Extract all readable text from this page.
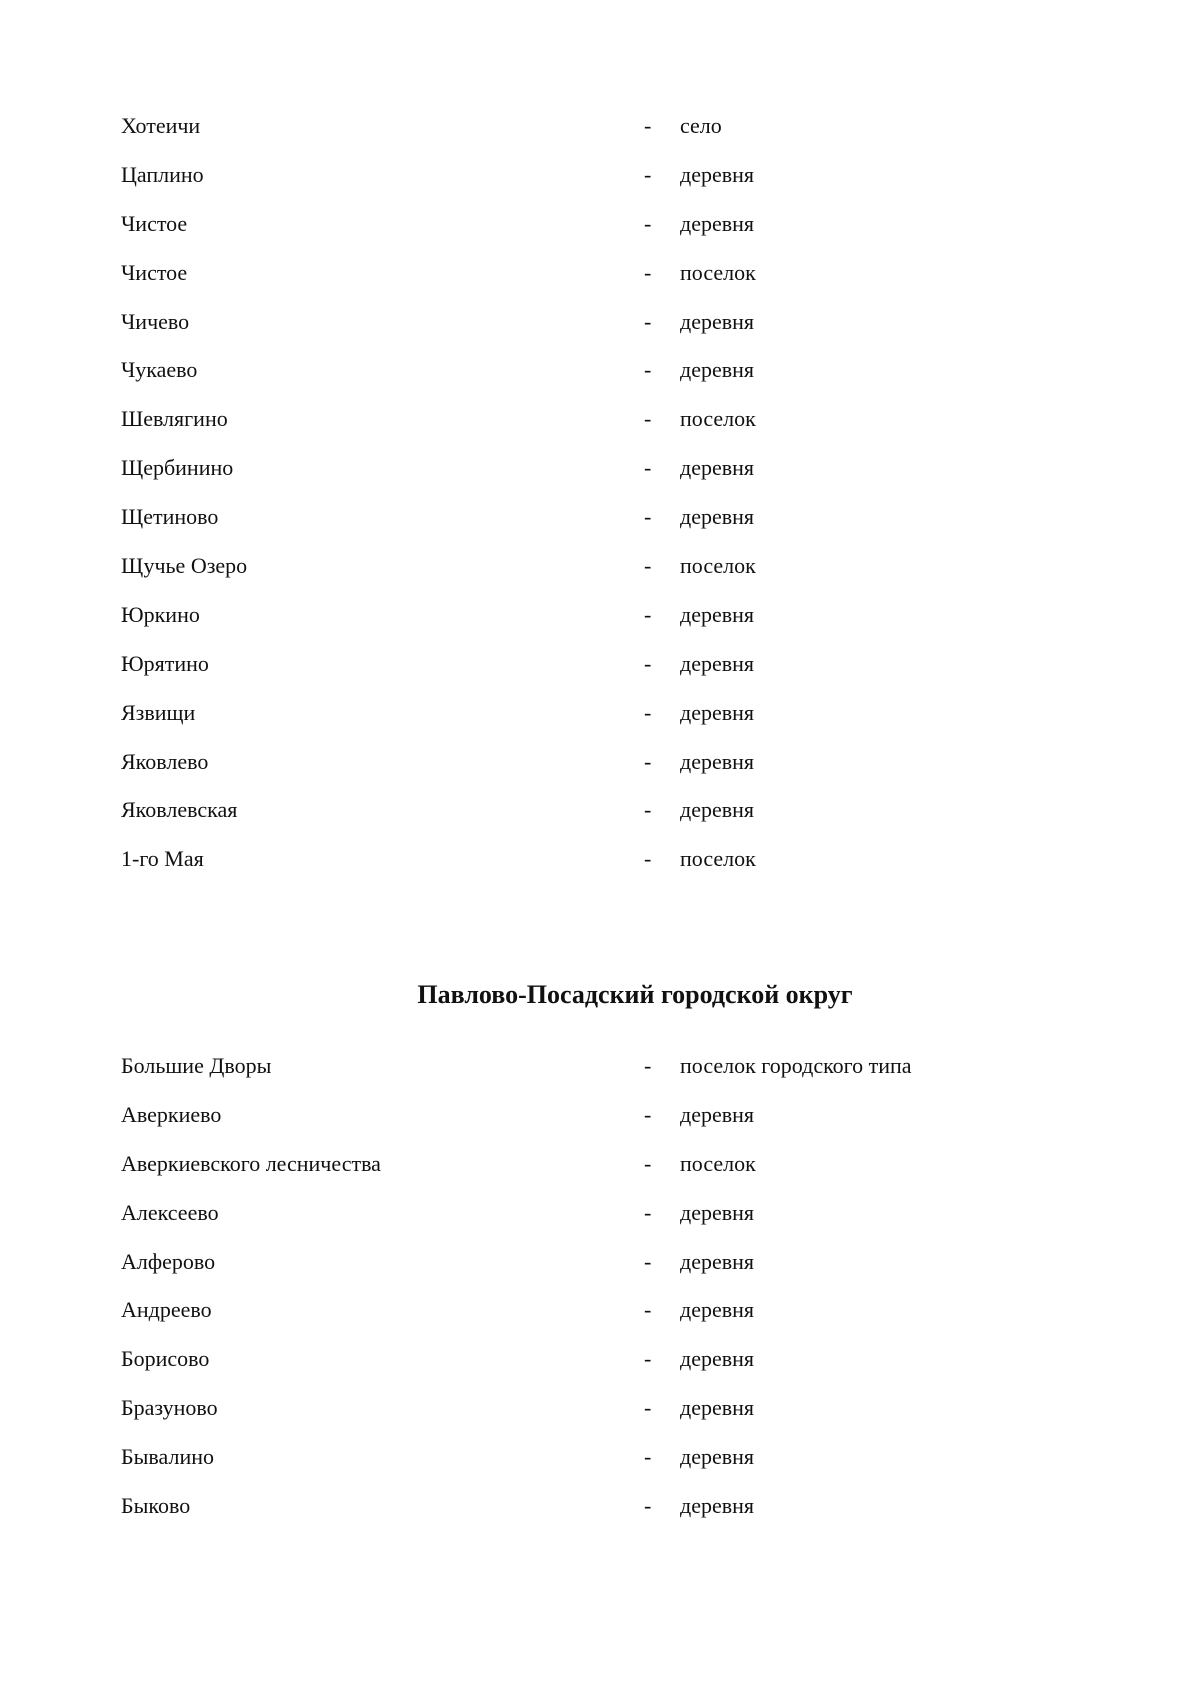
Хотеичи	- село
Цаплино	- деревня
Чистое	- деревня
Чистое	- поселок
Чичево	- деревня
Чукаево	- деревня
Шевлягино	- поселок
Щербинино	- деревня
Щетиново	- деревня
Щучье Озеро	- поселок
Юркино	- деревня
Юрятино	- деревня
Язвищи	- деревня
Яковлево	- деревня
Яковлевская	- деревня
1-го Мая	- поселок
Павлово-Посадский городской округ
Большие Дворы	- поселок городского типа
Аверкиево	- деревня
Аверкиевского лесничества	- поселок
Алексеево	- деревня
Алферово	- деревня
Андреево	- деревня
Борисово	- деревня
Бразуново	- деревня
Бывалино	- деревня
Быково	- деревня
